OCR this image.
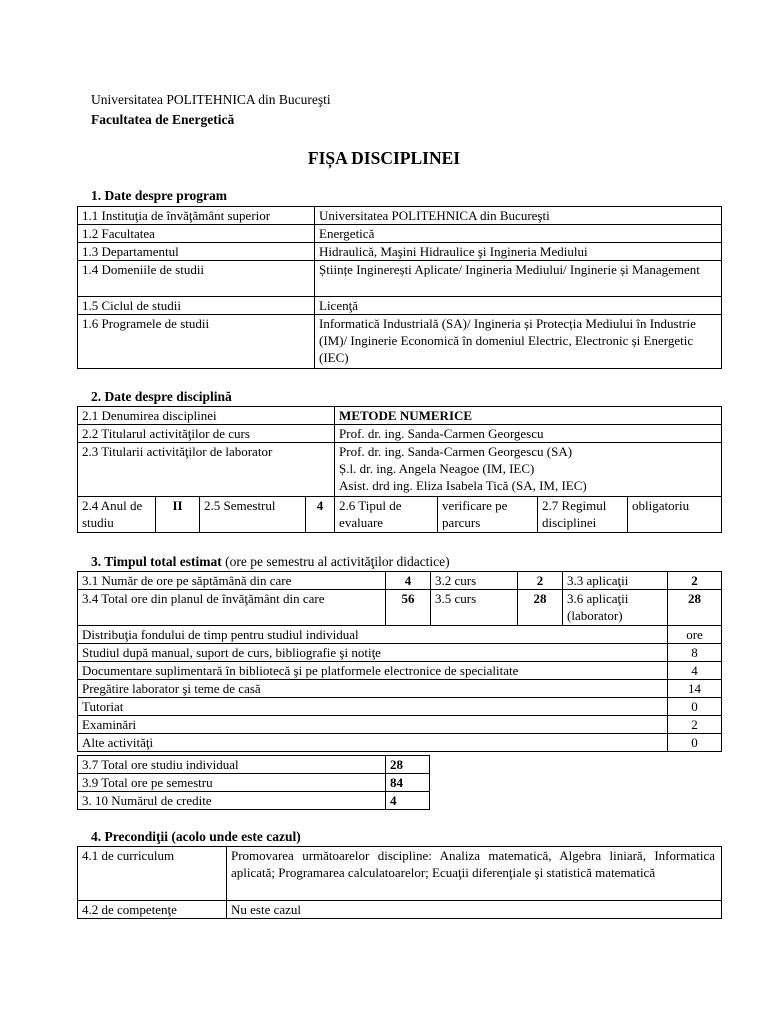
Universitatea POLITEHNICA din Bucureşti
Facultatea de Energetică
FIȘA DISCIPLINEI
1. Date despre program
1.1 Instituţia de învăţământ superior	Universitatea POLITEHNICA din Bucureşti
1.2 Facultatea	Energetică
1.3 Departamentul	Hidraulică, Maşini Hidraulice şi Ingineria Mediului
1.4 Domeniile de studii	Științe Inginerești Aplicate/ Ingineria Mediului/ Inginerie și Management
1.5 Ciclul de studii	Licenţă
1.6 Programele de studii	Informatică Industrială (SA)/ Ingineria și Protecția Mediului în Industrie (IM)/ Inginerie Economică în domeniul Electric, Electronic și Energetic (IEC)
2. Date despre disciplină
2.1 Denumirea disciplinei				METODE NUMERICE			
2.2 Titularul activităţilor de curs				Prof. dr. ing. Sanda-Carmen Georgescu			
2.3 Titularii activităţilor de laborator				Prof. dr. ing. Sanda-Carmen Georgescu (SA)
Ș.l. dr. ing. Angela Neagoe (IM, IEC)
Asist. drd ing. Eliza Isabela Tică (SA, IM, IEC)			

2.4 Anul de studiu	II	2.5 Semestrul	4	2.6 Tipul de evaluare	verificare pe parcurs	2.7 Regimul disciplinei	obligatoriu
3. Timpul total estimat (ore pe semestru al activităţilor didactice)
3.1 Număr de ore pe săptămână din care	4	3.2 curs	2	3.3 aplicaţii	2
3.4 Total ore din planul de învăţământ din care	56	3.5 curs	28	3.6 aplicaţii (laborator)	28
Distribuţia fondului de timp pentru studiul individual					ore
Studiul după manual, suport de curs, bibliografie şi notiţe					8
Documentare suplimentară în bibliotecă şi pe platformele electronice de specialitate					4
Pregătire laborator şi teme de casă					14
Tutoriat					0
Examinări					2
Alte activităţi					0
3.7 Total ore studiu individual	28
3.9 Total ore pe semestru	84
3. 10 Numărul de credite	4
4. Precondiţii (acolo unde este cazul)
4.1 de curriculum	Promovarea următoarelor discipline: Analiza matematică, Algebra liniară, Informatica aplicată; Programarea calculatoarelor; Ecuaţii diferenţiale şi statistică matematică
4.2 de competenţe	Nu este cazul
